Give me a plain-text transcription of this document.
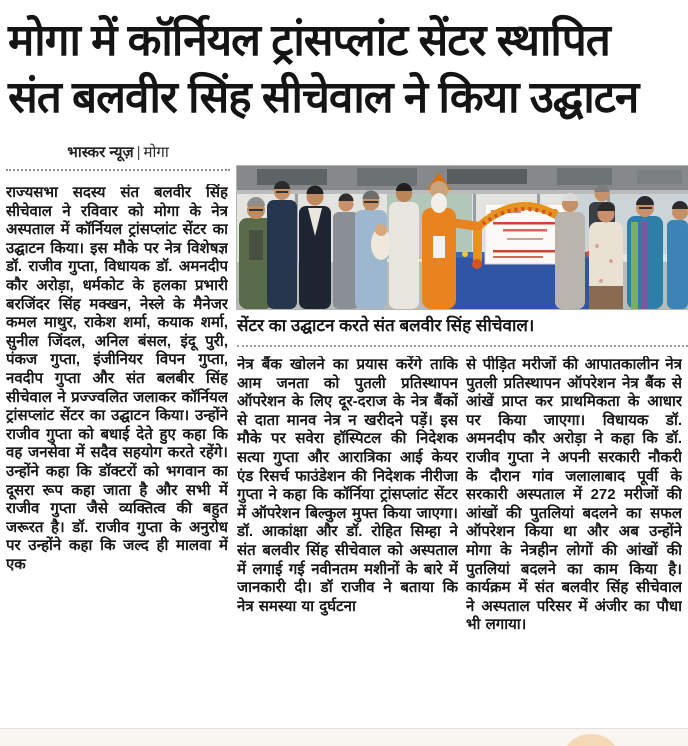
मोगा में कॉर्नियल ट्रांसप्लांट सेंटर स्थापित
संत बलवीर सिंह सीचेवाल ने किया उद्घाटन
भास्कर न्यूज़ | मोगा
राज्यसभा सदस्य संत बलवीर सिंह सीचेवाल ने रविवार को मोगा के नेत्र अस्पताल में कॉर्नियल ट्रांसप्लांट सेंटर का उद्घाटन किया। इस मौके पर नेत्र विशेषज्ञ डॉ. राजीव गुप्ता, विधायक डॉ. अमनदीप कौर अरोड़ा, धर्मकोट के हलका प्रभारी बरजिंदर सिंह मक्खन, नेस्ले के मैनेजर कमल माथुर, राकेश शर्मा, कयाक शर्मा, सुनील जिंदल, अनिल बंसल, इंदू पुरी, पंकज गुप्ता, इंजीनियर विपन गुप्ता, नवदीप गुप्ता और संत बलबीर सिंह सीचेवाल ने प्रज्ज्वलित जलाकर कॉर्नियल ट्रांसप्लांट सेंटर का उद्घाटन किया। उन्होंने राजीव गुप्ता को बधाई देते हुए कहा कि वह जनसेवा में सदैव सहयोग करते रहेंगे। उन्होंने कहा कि डॉक्टरों को भगवान का दूसरा रूप कहा जाता है और सभी में राजीव गुप्ता जैसे व्यक्तित्व की बहुत जरूरत है। डॉ. राजीव गुप्ता के अनुरोध पर उन्होंने कहा कि जल्द ही मालवा में एक
सेंटर का उद्घाटन करते संत बलवीर सिंह सीचेवाल।
नेत्र बैंक खोलने का प्रयास करेंगे ताकि आम जनता को पुतली प्रतिस्थापन ऑपरेशन के लिए दूर-दराज के नेत्र बैंकों से दाता मानव नेत्र न खरीदने पड़ें। इस मौके पर सवेरा हॉस्पिटल की निदेशक सत्या गुप्ता और आरात्रिका आई केयर एंड रिसर्च फाउंडेशन की निदेशक नीरीजा गुप्ता ने कहा कि कॉर्निया ट्रांसप्लांट सेंटर में ऑपरेशन बिल्कुल मुफ्त किया जाएगा। डॉ. आकांक्षा और डॉ. रोहित सिम्हा ने संत बलवीर सिंह सीचेवाल को अस्पताल में लगाई गई नवीनतम मशीनों के बारे में जानकारी दी। डॉ राजीव ने बताया कि नेत्र समस्या या दुर्घटना
से पीड़ित मरीजों की आपातकालीन नेत्र पुतली प्रतिस्थापन ऑपरेशन नेत्र बैंक से आंखें प्राप्त कर प्राथमिकता के आधार पर किया जाएगा। विधायक डॉ. अमनदीप कौर अरोड़ा ने कहा कि डॉ. राजीव गुप्ता ने अपनी सरकारी नौकरी के दौरान गांव जलालाबाद पूर्वी के सरकारी अस्पताल में 272 मरीजों की आंखों की पुतलियां बदलने का सफल ऑपरेशन किया था और अब उन्होंने मोगा के नेत्रहीन लोगों की आंखों की पुतलियां बदलने का काम किया है। कार्यक्रम में संत बलवीर सिंह सीचेवाल ने अस्पताल परिसर में अंजीर का पौधा भी लगाया।
